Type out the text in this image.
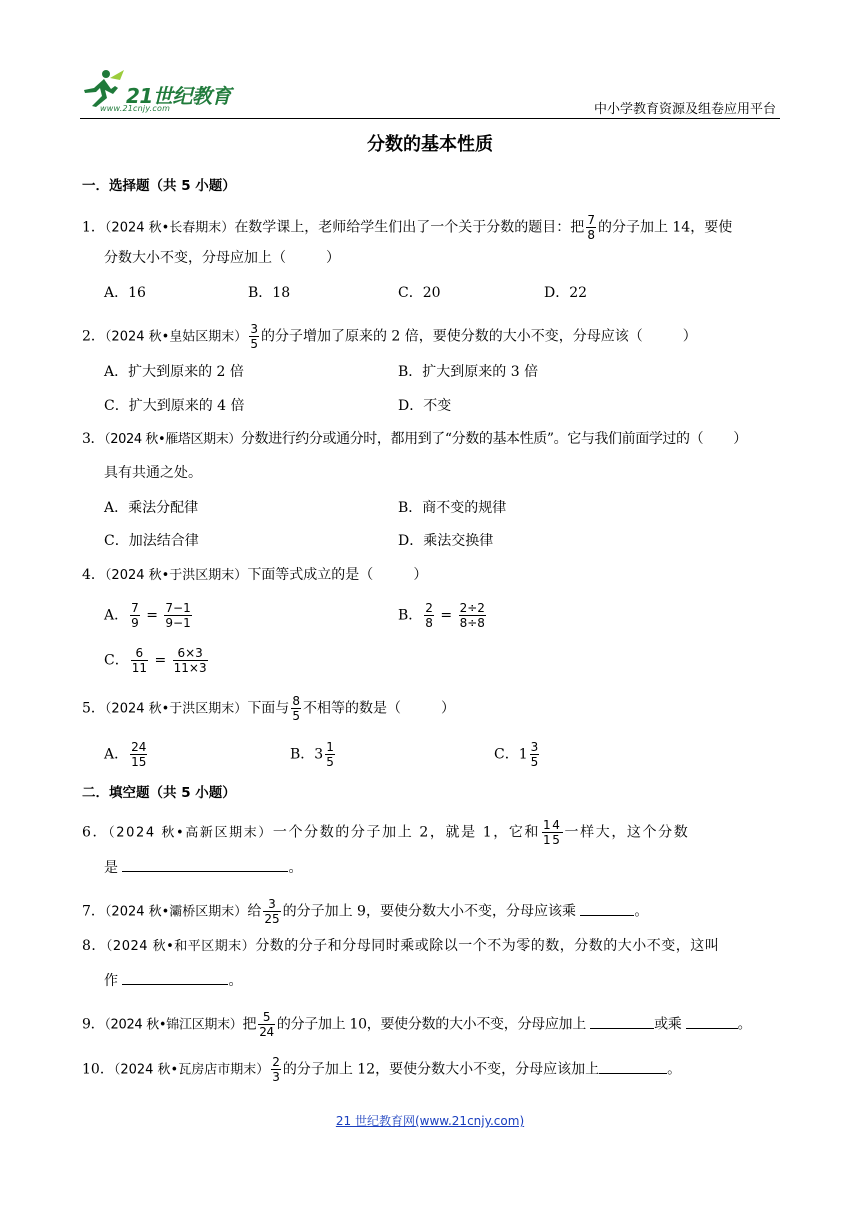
21世纪教育
www.21cnjy.com	中小学教育资源及组卷应用平台
分数的基本性质
一．选择题（共 5 小题）
1．（2024 秋•长春期末）在数学课上，老师给学生们出了一个关于分数的题目：把 $\frac{7}{8}$ 的分子加上 14，要使
分数大小不变，分母应加上（	）
A．16	B．18	C．20	D．22
2．（2024 秋•皇姑区期末） $\frac{3}{5}$ 的分子增加了原来的 2 倍，要使分数的大小不变，分母应该（	）
A．扩大到原来的 2 倍	B．扩大到原来的 3 倍
C．扩大到原来的 4 倍	D．不变
3．（2024 秋•雁塔区期末）分数进行约分或通分时，都用到了“分数的基本性质”。它与我们前面学过的（ ）
具有共通之处。
A．乘法分配律	B．商不变的规律
C．加法结合律	D．乘法交换律
4．（2024 秋•于洪区期末）下面等式成立的是（	）
A． $\frac{7}{9} = \frac{7-1}{9-1}$	B． $\frac{2}{8} = \frac{2\div 2}{8\div 8}$
C． $\frac{6}{11} = \frac{6\times 3}{11\times 3}$
5．（2024 秋•于洪区期末）下面与 $\frac{8}{5}$ 不相等的数是（	）
A． $\frac{24}{15}$	B．$3 \frac{1}{5}$	C．$1 \frac{3}{5}$
二．填空题（共 5 小题）
6．（2024 秋•高新区期末）一个分数的分子加上 2，就是 1，它和 $\frac{14}{15}$ 一样大，这个分数
是	。
7．（2024 秋•灞桥区期末）给 $\frac{3}{25}$ 的分子加上 9，要使分数大小不变，分母应该乘	。
8．（2024 秋•和平区期末）分数的分子和分母同时乘或除以一个不为零的数，分数的大小不变，这叫
作	。
9．（2024 秋•锦江区期末）把 $\frac{5}{24}$ 的分子加上 10，要使分数的大小不变，分母应加上	或乘	。
10．（2024 秋•瓦房店市期末） $\frac{2}{3}$ 的分子加上 12，要使分数大小不变，分母应该加上	。
21 世纪教育网(www.21cnjy.com)
